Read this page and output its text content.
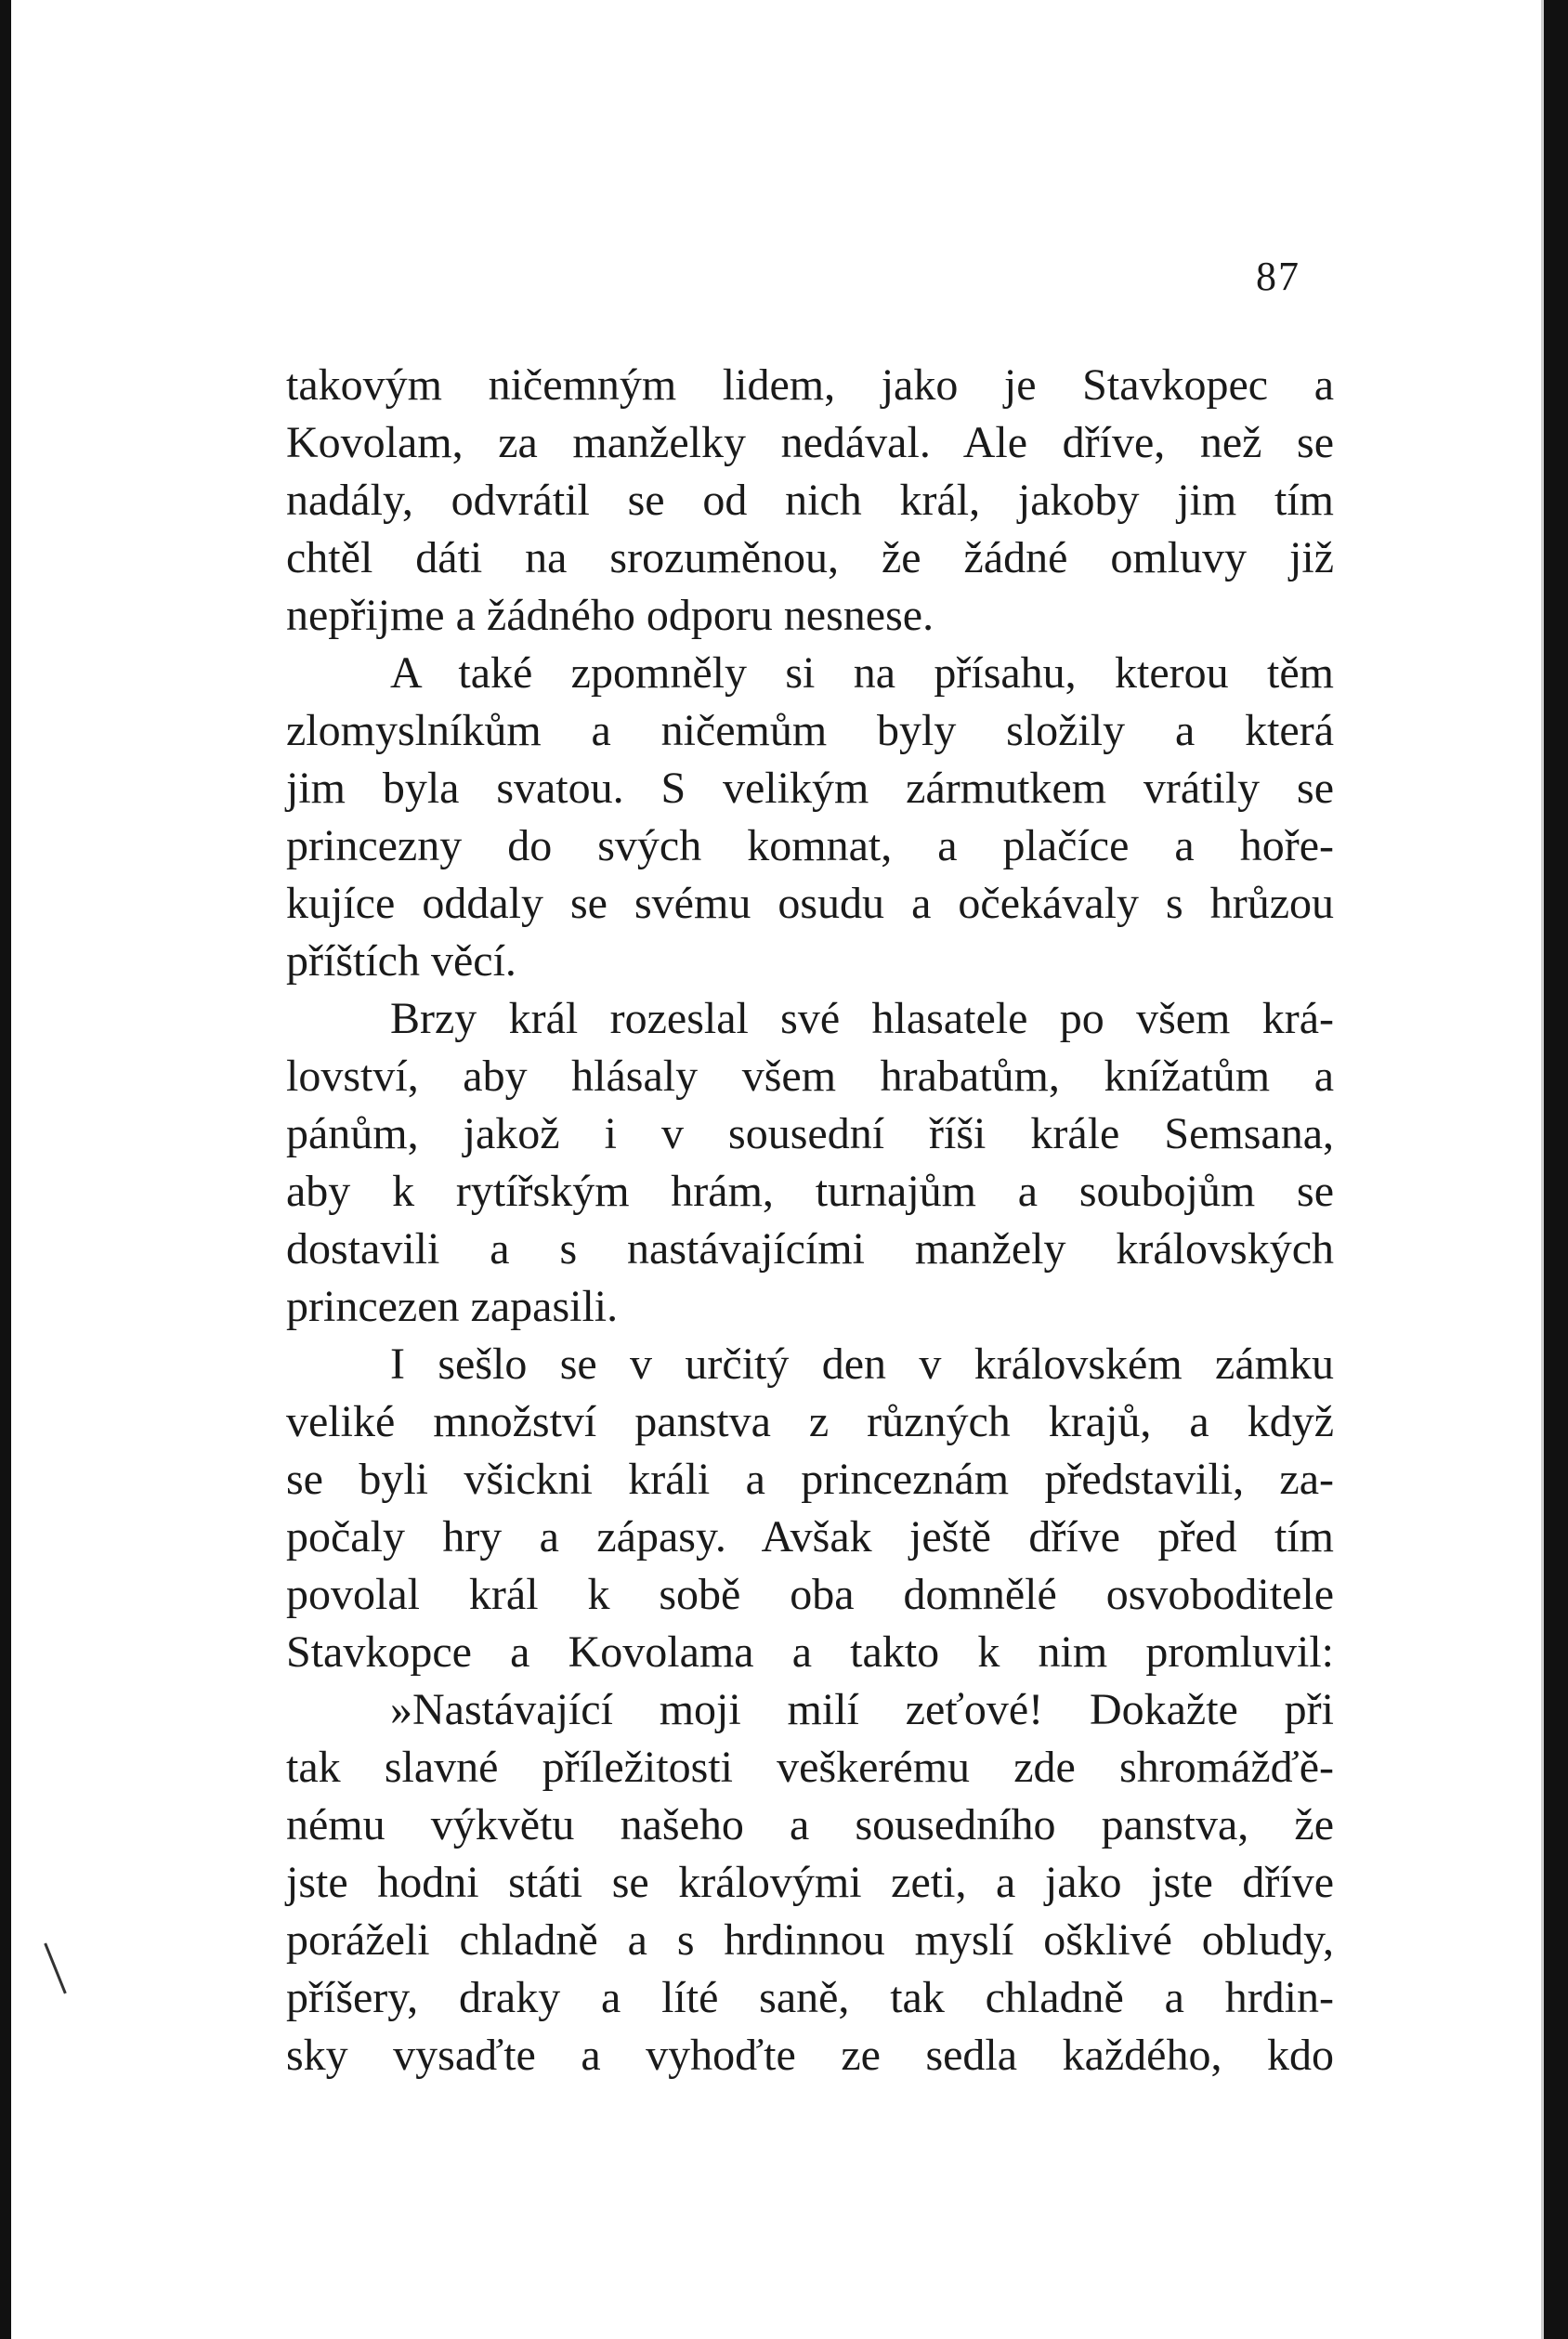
87
takovým ničemným lidem, jako je Stavkopec a
Kovolam, za manželky nedával. Ale dříve, než se
nadály, odvrátil se od nich král, jakoby jim tím
chtěl dáti na srozuměnou, že žádné omluvy již
nepřijme a žádného odporu nesnese.
A také zpomněly si na přísahu, kterou těm
zlomyslníkům a ničemům byly složily a která
jim byla svatou. S velikým zármutkem vrátily se
princezny do svých komnat, a plačíce a hoře-
kujíce oddaly se svému osudu a očekávaly s hrůzou
příštích věcí.
Brzy král rozeslal své hlasatele po všem krá-
lovství, aby hlásaly všem hrabatům, knížatům a
pánům, jakož i v sousední říši krále Semsana,
aby k rytířským hrám, turnajům a soubojům se
dostavili a s nastávajícími manžely královských
princezen zapasili.
I sešlo se v určitý den v královském zámku
veliké množství panstva z různých krajů, a když
se byli všickni králi a princeznám představili, za-
počaly hry a zápasy. Avšak ještě dříve před tím
povolal král k sobě oba domnělé osvoboditele
Stavkopce a Kovolama a takto k nim promluvil:
»Nastávající moji milí zeťové! Dokažte při
tak slavné příležitosti veškerému zde shromážďě-
nému výkvětu našeho a sousedního panstva, že
jste hodni státi se královými zeti, a jako jste dříve
poráželi chladně a s hrdinnou myslí ošklivé obludy,
příšery, draky a líté saně, tak chladně a hrdin-
sky vysaďte a vyhoďte ze sedla každého, kdo
